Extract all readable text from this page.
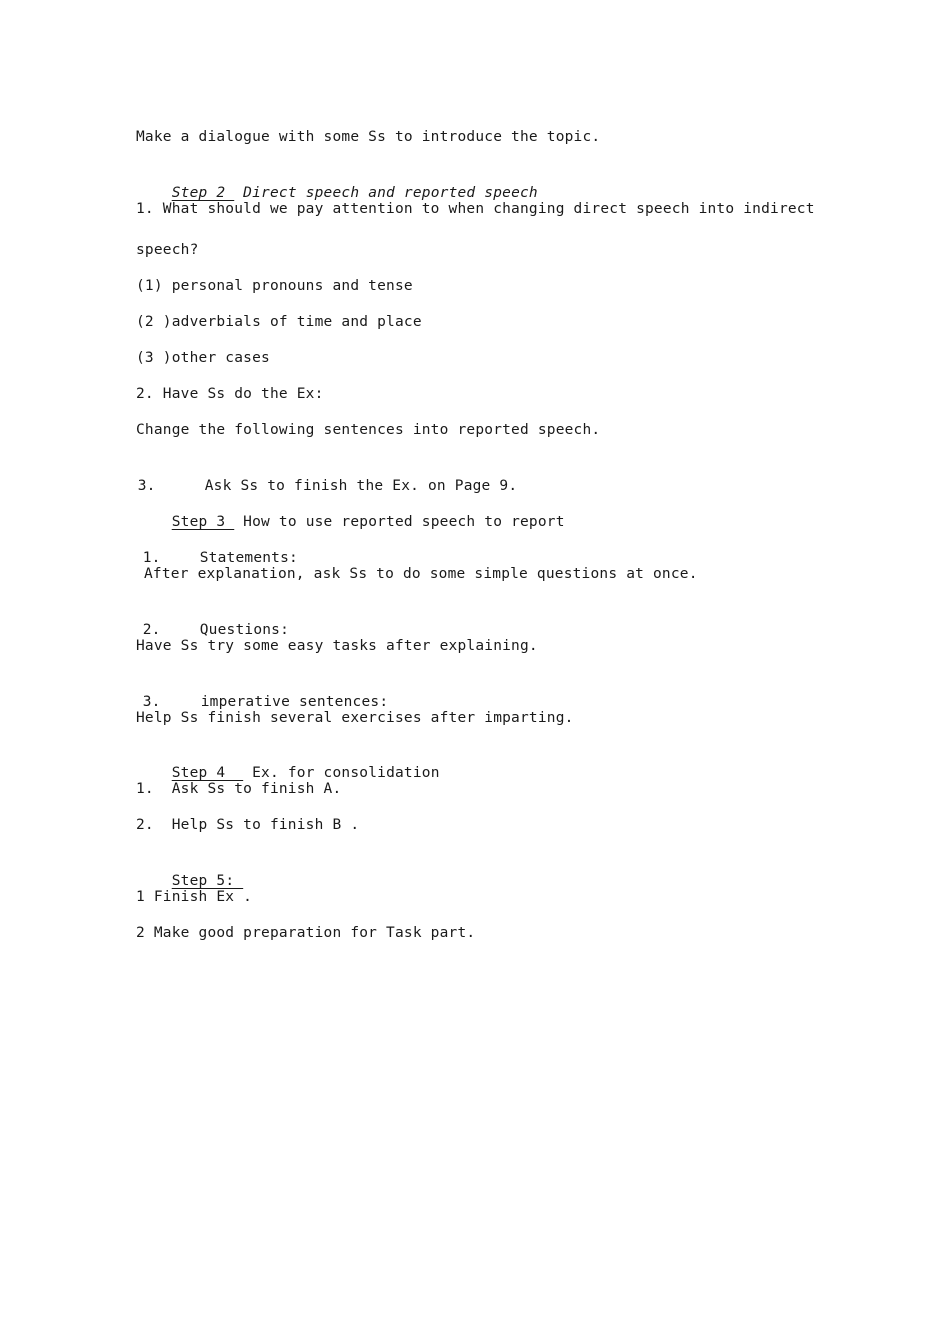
Make a dialogue with some Ss to introduce the topic.

Step 2  Direct speech and reported speech

1. What should we pay attention to when changing direct speech into indirect
speech?
(1) personal pronouns and tense
(2 )adverbials of time and place
(3 )other cases
2. Have Ss do the Ex:
Change the following sentences into reported speech.

3.	Ask Ss to finish the Ex. on Page 9.

Step 3  How to use reported speech to report

1.	Statements:

After explanation, ask Ss to do some simple questions at once.

2.	Questions:

Have Ss try some easy tasks after explaining.

3.	imperative sentences:

Help Ss finish several exercises after imparting.

Step 4   Ex. for consolidation

1.  Ask Ss to finish A.
2.  Help Ss to finish B .

Step 5:

1 Finish Ex .
2 Make good preparation for Task part.
